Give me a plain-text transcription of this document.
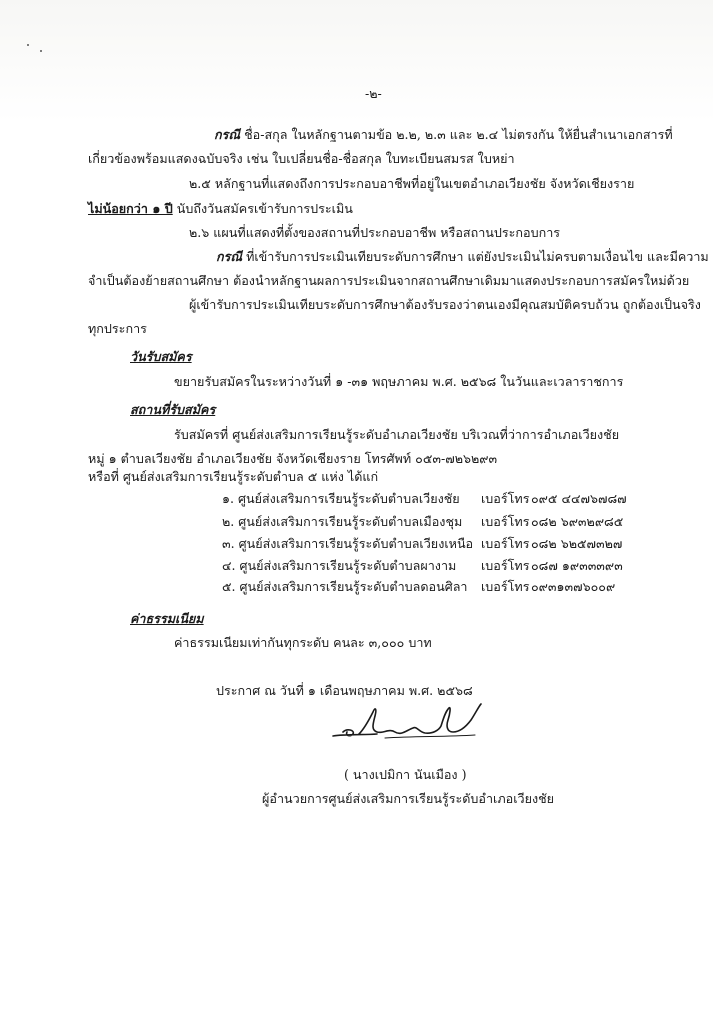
-๒-
กรณี ชื่อ-สกุล ในหลักฐานตามข้อ ๒.๒, ๒.๓ และ ๒.๔ ไม่ตรงกัน ให้ยื่นสำเนาเอกสารที่
เกี่ยวข้องพร้อมแสดงฉบับจริง เช่น ใบเปลี่ยนชื่อ-ชื่อสกุล ใบทะเบียนสมรส ใบหย่า
๒.๕ หลักฐานที่แสดงถึงการประกอบอาชีพที่อยู่ในเขตอำเภอเวียงชัย จังหวัดเชียงราย
ไม่น้อยกว่า ๑ ปี นับถึงวันสมัครเข้ารับการประเมิน
๒.๖ แผนที่แสดงที่ตั้งของสถานที่ประกอบอาชีพ หรือสถานประกอบการ
กรณี ที่เข้ารับการประเมินเทียบระดับการศึกษา แต่ยังประเมินไม่ครบตามเงื่อนไข และมีความ
จำเป็นต้องย้ายสถานศึกษา ต้องนำหลักฐานผลการประเมินจากสถานศึกษาเดิมมาแสดงประกอบการสมัครใหม่ด้วย
ผู้เข้ารับการประเมินเทียบระดับการศึกษาต้องรับรองว่าตนเองมีคุณสมบัติครบถ้วน ถูกต้องเป็นจริง
ทุกประการ
วันรับสมัคร
ขยายรับสมัครในระหว่างวันที่ ๑ -๓๑ พฤษภาคม พ.ศ. ๒๕๖๘ ในวันและเวลาราชการ
สถานที่รับสมัคร
รับสมัครที่ ศูนย์ส่งเสริมการเรียนรู้ระดับอำเภอเวียงชัย บริเวณที่ว่าการอำเภอเวียงชัย
หมู่ ๑ ตำบลเวียงชัย อำเภอเวียงชัย จังหวัดเชียงราย โทรศัพท์ ๐๕๓-๗๒๖๒๙๓
หรือที่ ศูนย์ส่งเสริมการเรียนรู้ระดับตำบล ๕ แห่ง ได้แก่
๑. ศูนย์ส่งเสริมการเรียนรู้ระดับตำบลเวียงชัย เบอร์โทร ๐๙๕ ๔๔๗๖๗๘๗
๒. ศูนย์ส่งเสริมการเรียนรู้ระดับตำบลเมืองชุม เบอร์โทร ๐๘๒ ๖๙๓๒๙๘๕
๓. ศูนย์ส่งเสริมการเรียนรู้ระดับตำบลเวียงเหนือ เบอร์โทร ๐๘๒ ๖๒๕๗๓๒๗
๔. ศูนย์ส่งเสริมการเรียนรู้ระดับตำบลผางาม เบอร์โทร ๐๘๗ ๑๙๓๓๓๙๓
๕. ศูนย์ส่งเสริมการเรียนรู้ระดับตำบลดอนศิลา เบอร์โทร ๐๙๓๑๓๗๖๐๐๙
ค่าธรรมเนียม
ค่าธรรมเนียมเท่ากันทุกระดับ คนละ ๓,๐๐๐ บาท
ประกาศ ณ วันที่ ๑ เดือนพฤษภาคม พ.ศ. ๒๕๖๘
( นางเปมิกา นันเมือง )
ผู้อำนวยการศูนย์ส่งเสริมการเรียนรู้ระดับอำเภอเวียงชัย
